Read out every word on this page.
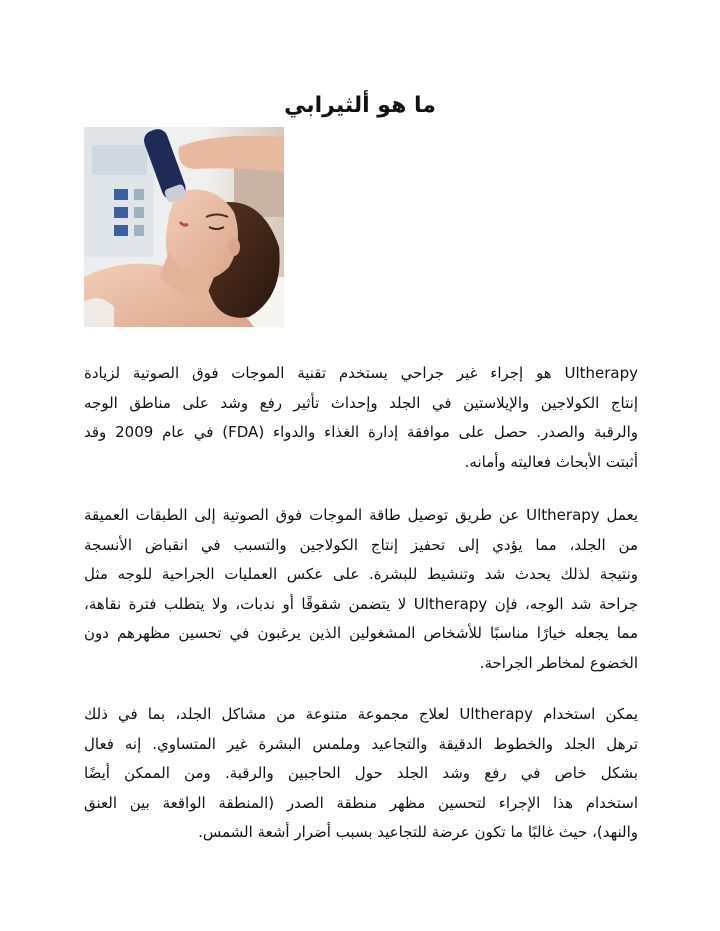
ما هو ألثيرابي
Ultherapy هو إجراء غير جراحي يستخدم تقنية الموجات فوق الصوتية لزيادة
إنتاج الكولاجين والإيلاستين في الجلد وإحداث تأثير رفع وشد على مناطق الوجه
والرقبة والصدر. حصل على موافقة إدارة الغذاء والدواء (FDA) في عام 2009 وقد
أثبتت الأبحاث فعاليته وأمانه.
يعمل Ultherapy عن طريق توصيل طاقة الموجات فوق الصوتية إلى الطبقات العميقة
من الجلد، مما يؤدي إلى تحفيز إنتاج الكولاجين والتسبب في انقباض الأنسجة
ونتيجة لذلك يحدث شد وتنشيط للبشرة. على عكس العمليات الجراحية للوجه مثل
جراحة شد الوجه، فإن Ultherapy لا يتضمن شقوقًا أو ندبات، ولا يتطلب فترة نقاهة،
مما يجعله خيارًا مناسبًا للأشخاص المشغولين الذين يرغبون في تحسين مظهرهم دون
الخضوع لمخاطر الجراحة.
يمكن استخدام Ultherapy لعلاج مجموعة متنوعة من مشاكل الجلد، بما في ذلك
ترهل الجلد والخطوط الدقيقة والتجاعيد وملمس البشرة غير المتساوي. إنه فعال
بشكل خاص في رفع وشد الجلد حول الحاجبين والرقبة. ومن الممكن أيضًا
استخدام هذا الإجراء لتحسين مظهر منطقة الصدر (المنطقة الواقعة بين العنق
والنهد)، حيث غالبًا ما تكون عرضة للتجاعيد بسبب أضرار أشعة الشمس.
